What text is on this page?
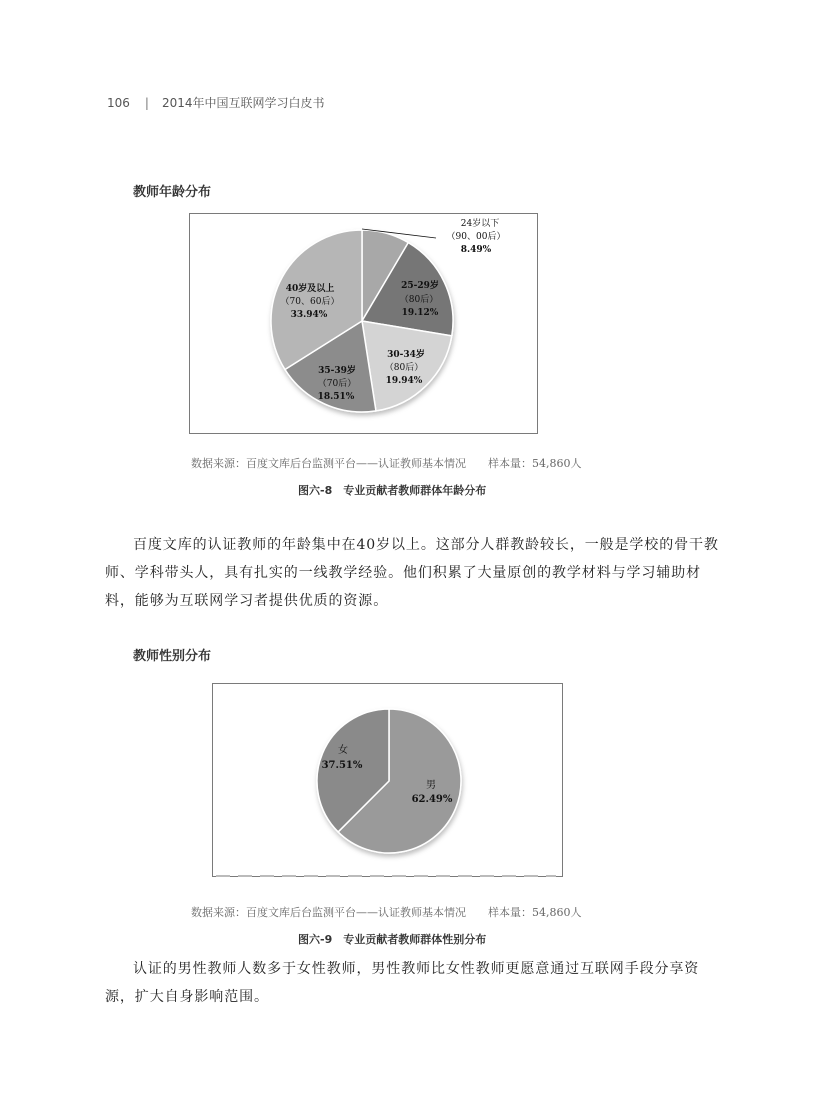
106 | 2014年中国互联网学习白皮书
教师年龄分布
24岁以下
（90、00后）
8.49%
25-29岁
（80后）
19.12%
30-34岁
（80后）
19.94%
35-39岁
（70后）
18.51%
40岁及以上
（70、60后）
33.94%
数据来源：百度文库后台监测平台——认证教师基本情况 样本量：54,860人
图六-8　专业贡献者教师群体年龄分布
百度文库的认证教师的年龄集中在40岁以上。这部分人群教龄较长，一般是学校的骨干教
师、学科带头人，具有扎实的一线教学经验。他们积累了大量原创的教学材料与学习辅助材
料，能够为互联网学习者提供优质的资源。
教师性别分布
男
62.49%
女
37.51%
数据来源：百度文库后台监测平台——认证教师基本情况 样本量：54,860人
图六-9　专业贡献者教师群体性别分布
认证的男性教师人数多于女性教师，男性教师比女性教师更愿意通过互联网手段分享资
源，扩大自身影响范围。
